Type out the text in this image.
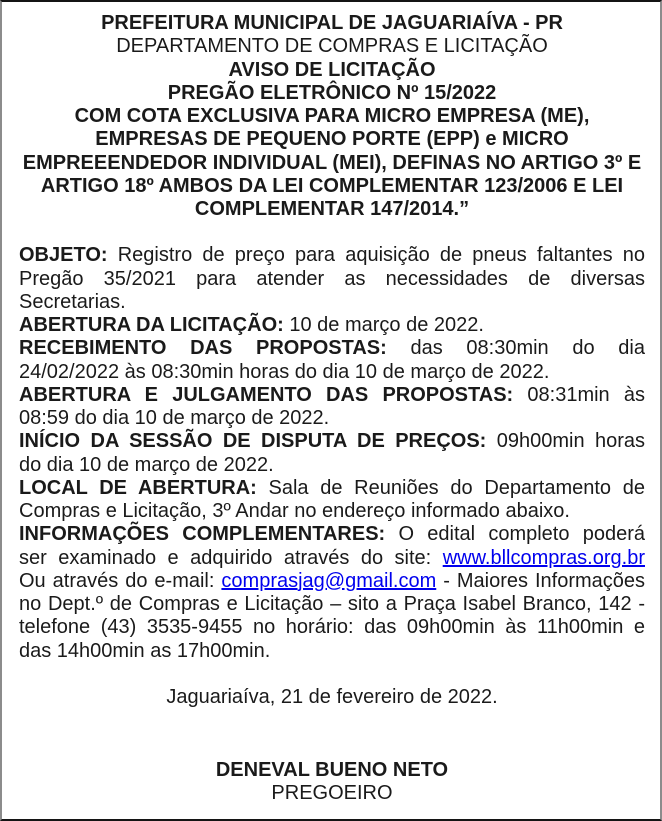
PREFEITURA MUNICIPAL DE JAGUARIAÍVA - PR
DEPARTAMENTO DE COMPRAS E LICITAÇÃO
AVISO DE LICITAÇÃO
PREGÃO ELETRÔNICO Nº 15/2022
COM COTA EXCLUSIVA PARA MICRO EMPRESA (ME),
EMPRESAS DE PEQUENO PORTE (EPP) e MICRO
EMPREEENDEDOR INDIVIDUAL (MEI), DEFINAS NO ARTIGO 3º E
ARTIGO 18º AMBOS DA LEI COMPLEMENTAR 123/2006 E LEI
COMPLEMENTAR 147/2014.”
OBJETO: Registro de preço para aquisição de pneus faltantes no
Pregão 35/2021 para atender as necessidades de diversas
Secretarias.
ABERTURA DA LICITAÇÃO: 10 de março de 2022.
RECEBIMENTO DAS PROPOSTAS: das 08:30min do dia
24/02/2022 às 08:30min horas do dia 10 de março de 2022.
ABERTURA E JULGAMENTO DAS PROPOSTAS: 08:31min às
08:59 do dia 10 de março de 2022.
INÍCIO DA SESSÃO DE DISPUTA DE PREÇOS: 09h00min horas
do dia 10 de março de 2022.
LOCAL DE ABERTURA: Sala de Reuniões do Departamento de
Compras e Licitação, 3º Andar no endereço informado abaixo.
INFORMAÇÕES COMPLEMENTARES: O edital completo poderá
ser examinado e adquirido através do site: www.bllcompras.org.br
Ou através do e-mail: comprasjag@gmail.com - Maiores Informações
no Dept.º de Compras e Licitação – sito a Praça Isabel Branco, 142 -
telefone (43) 3535-9455 no horário: das 09h00min às 11h00min e
das 14h00min as 17h00min.
Jaguariaíva, 21 de fevereiro de 2022.
DENEVAL BUENO NETO
PREGOEIRO
